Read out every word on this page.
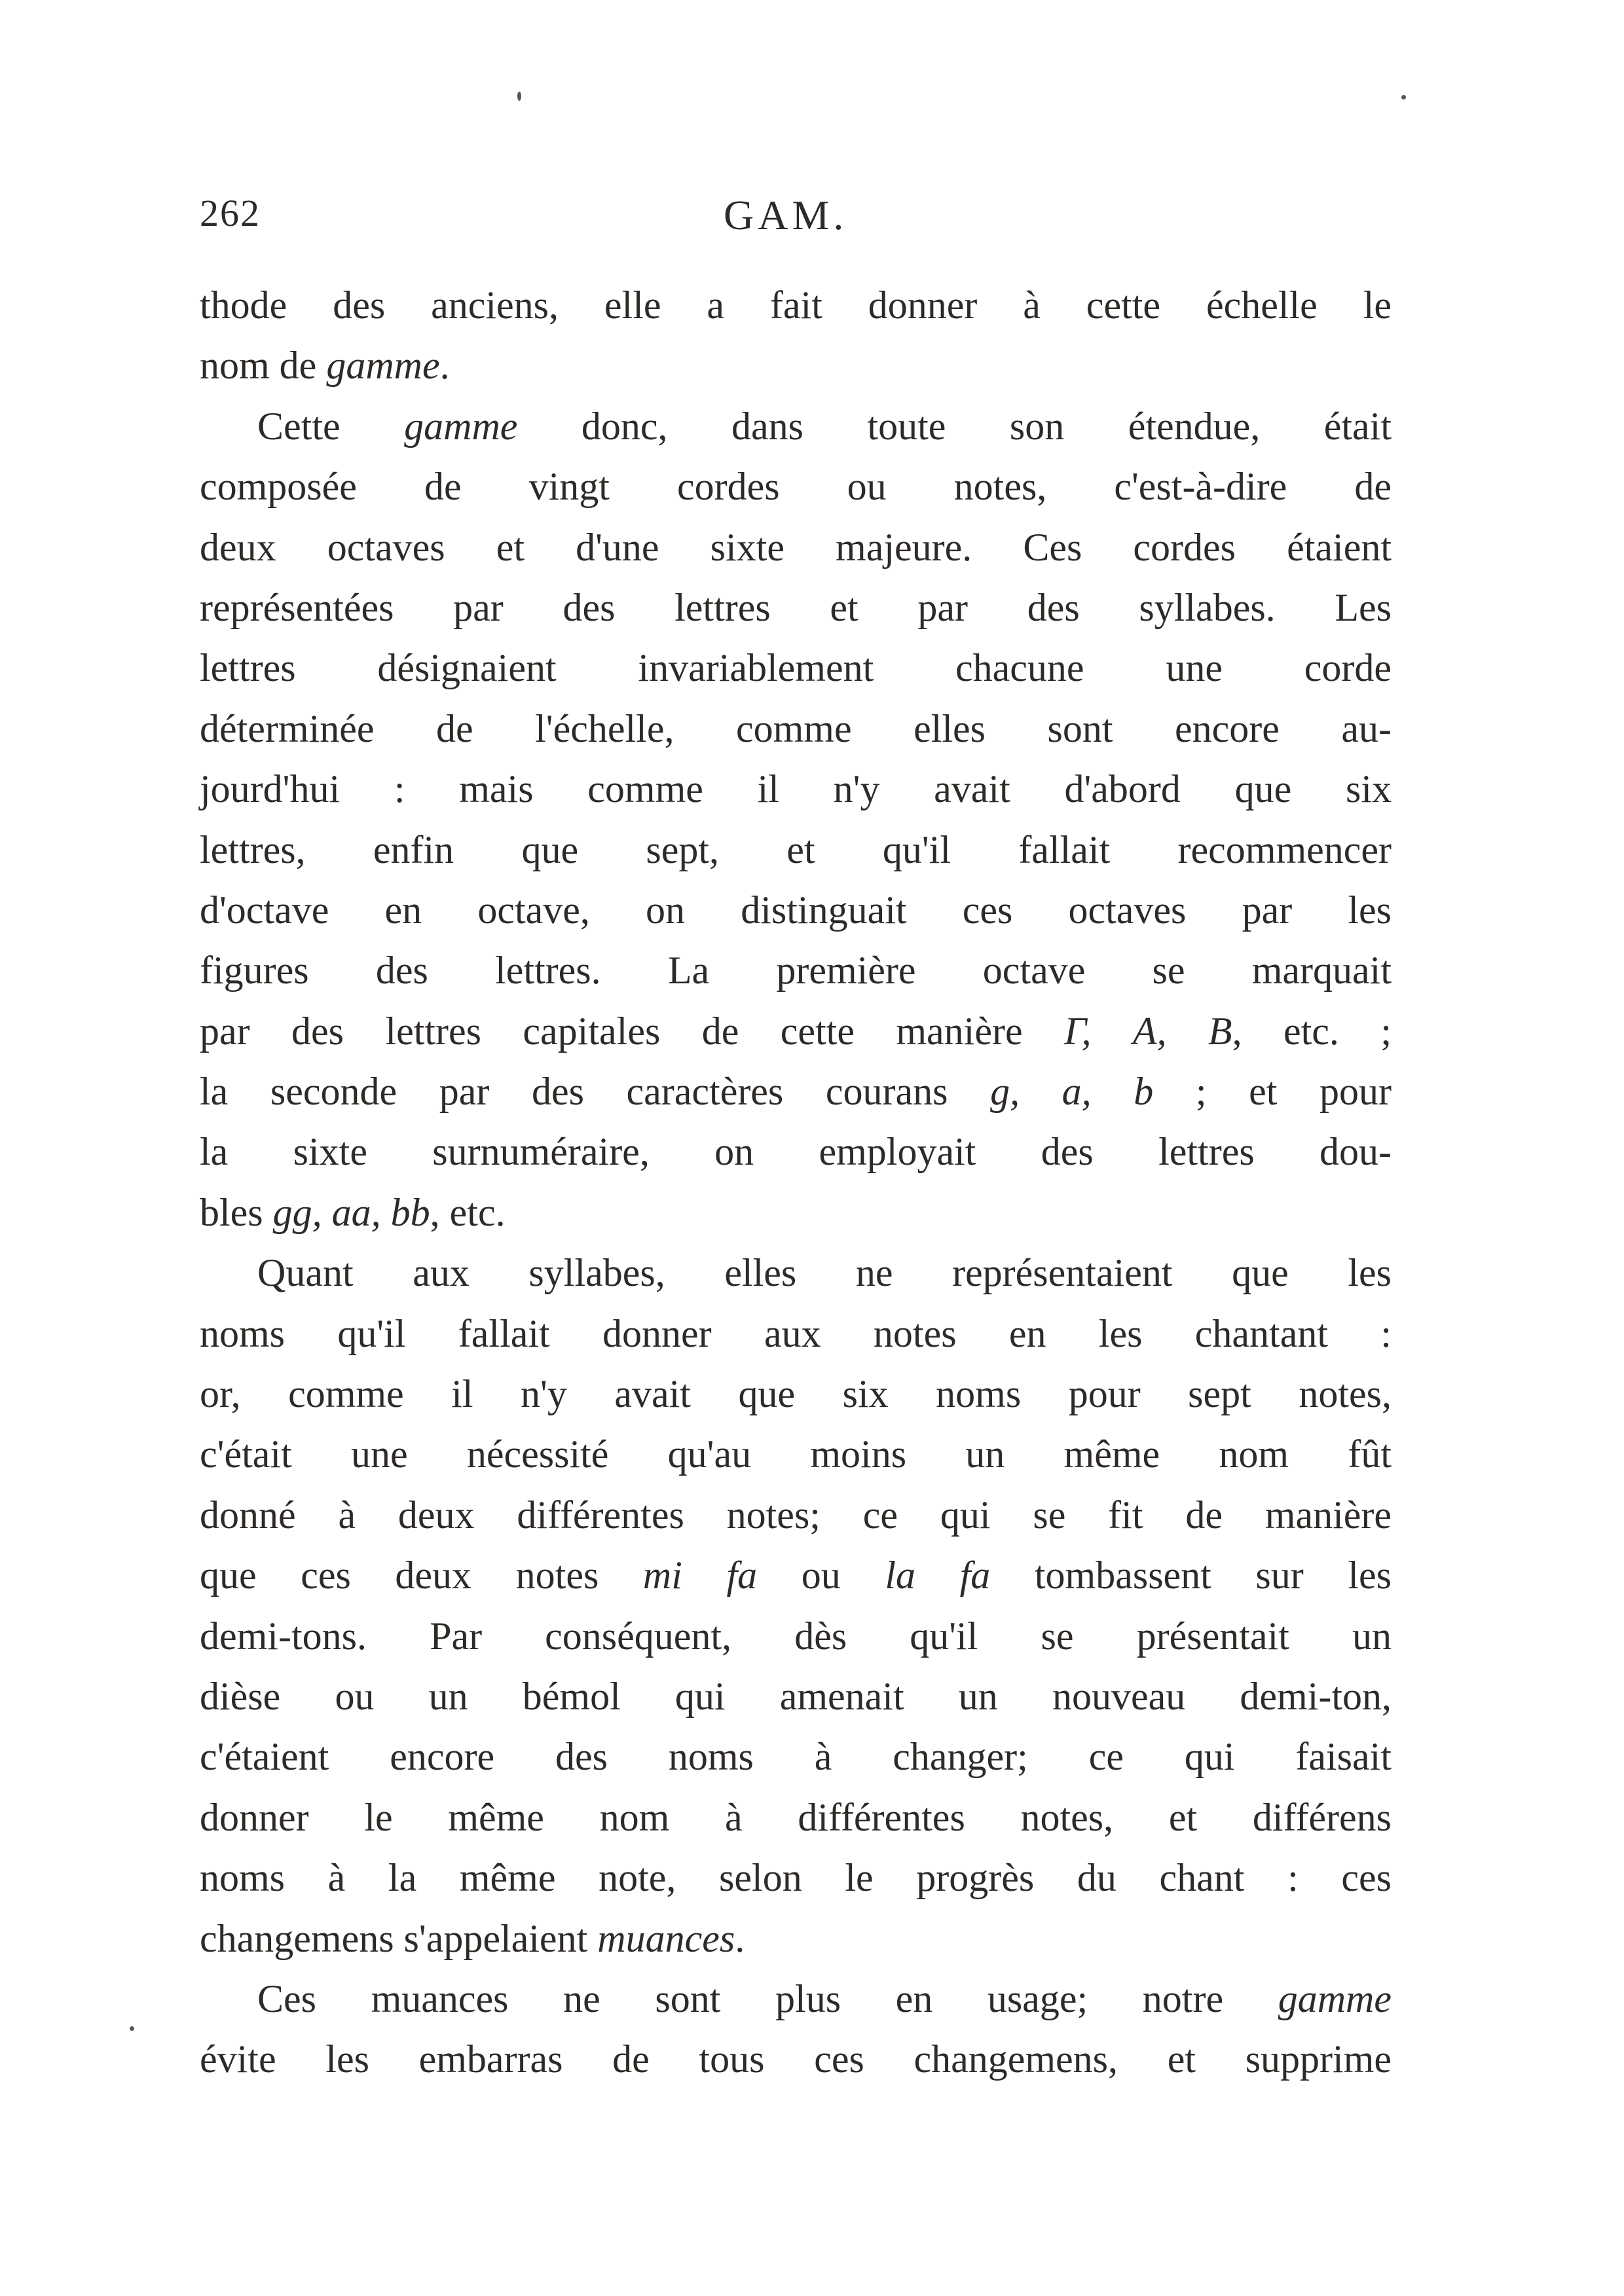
262	GAM.
thode des anciens, elle a fait donner à cette échelle le
nom de gamme.
Cette gamme donc, dans toute son étendue, était
composée de vingt cordes ou notes, c'est-à-dire de
deux octaves et d'une sixte majeure. Ces cordes étaient
représentées par des lettres et par des syllabes. Les
lettres désignaient invariablement chacune une corde
déterminée de l'échelle, comme elles sont encore au-
jourd'hui : mais comme il n'y avait d'abord que six
lettres, enfin que sept, et qu'il fallait recommencer
d'octave en octave, on distinguait ces octaves par les
figures des lettres. La première octave se marquait
par des lettres capitales de cette manière Γ, A, B, etc. ;
la seconde par des caractères courans g, a, b ; et pour
la sixte surnuméraire, on employait des lettres dou-
bles gg, aa, bb, etc.
Quant aux syllabes, elles ne représentaient que les
noms qu'il fallait donner aux notes en les chantant :
or, comme il n'y avait que six noms pour sept notes,
c'était une nécessité qu'au moins un même nom fût
donné à deux différentes notes; ce qui se fit de manière
que ces deux notes mi fa ou la fa tombassent sur les
demi-tons. Par conséquent, dès qu'il se présentait un
dièse ou un bémol qui amenait un nouveau demi-ton,
c'étaient encore des noms à changer; ce qui faisait
donner le même nom à différentes notes, et différens
noms à la même note, selon le progrès du chant : ces
changemens s'appelaient muances.
Ces muances ne sont plus en usage; notre gamme
évite les embarras de tous ces changemens, et supprime
